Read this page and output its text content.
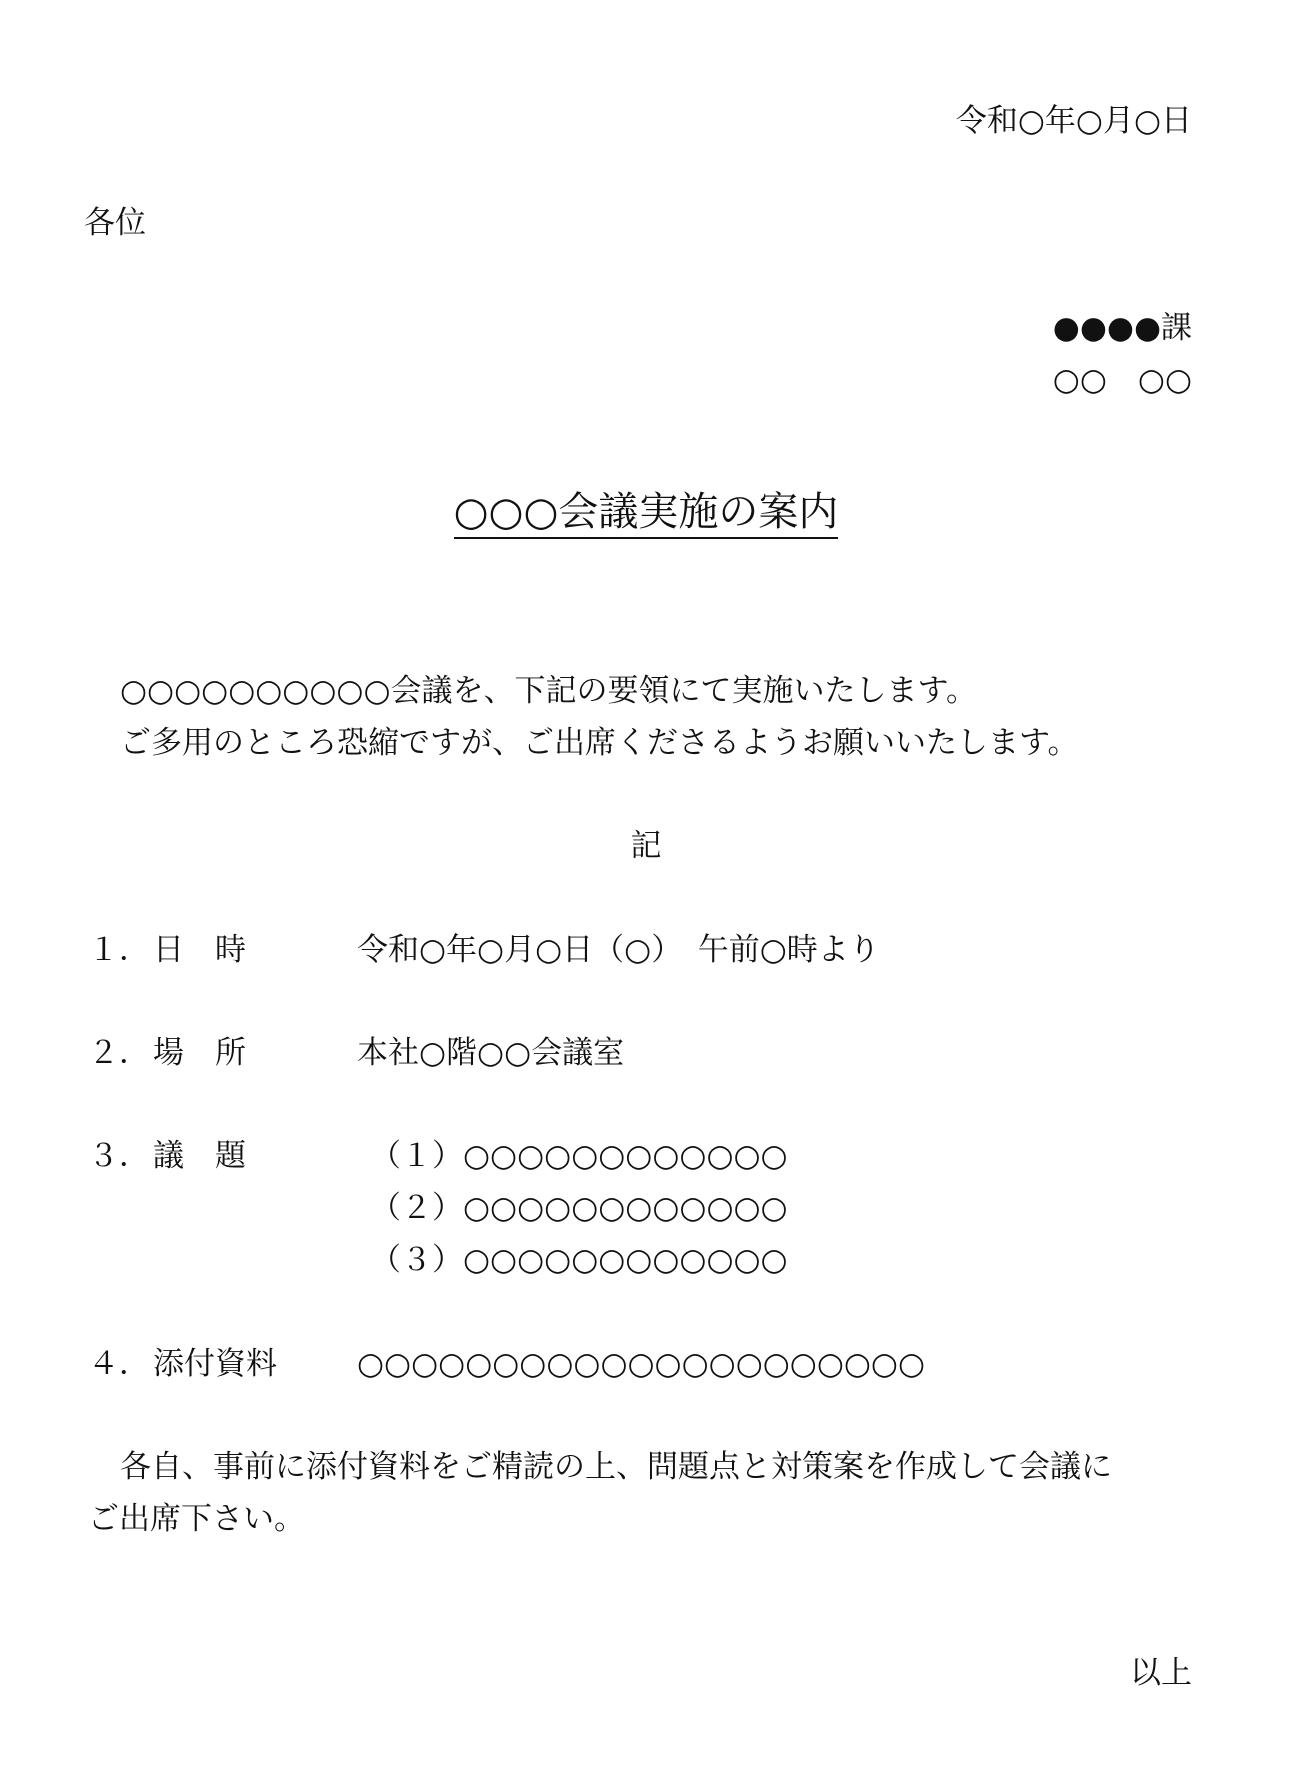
令和○年○月○日
各位
●●●●課
○○　○○
○○○会議実施の案内
○○○○○○○○○○会議を、下記の要領にて実施いたします。
ご多用のところ恐縮ですが、ご出席くださるようお願いいたします。
記
１． 日　時	令和○年○月○日（○）　午前○時より
２． 場　所	本社○階○○会議室
３． 議　題	（１）○○○○○○○○○○○○
（２）○○○○○○○○○○○○
（３）○○○○○○○○○○○○
４． 添付資料	○○○○○○○○○○○○○○○○○○○○○
各自、事前に添付資料をご精読の上、問題点と対策案を作成して会議に
ご出席下さい。
以上
